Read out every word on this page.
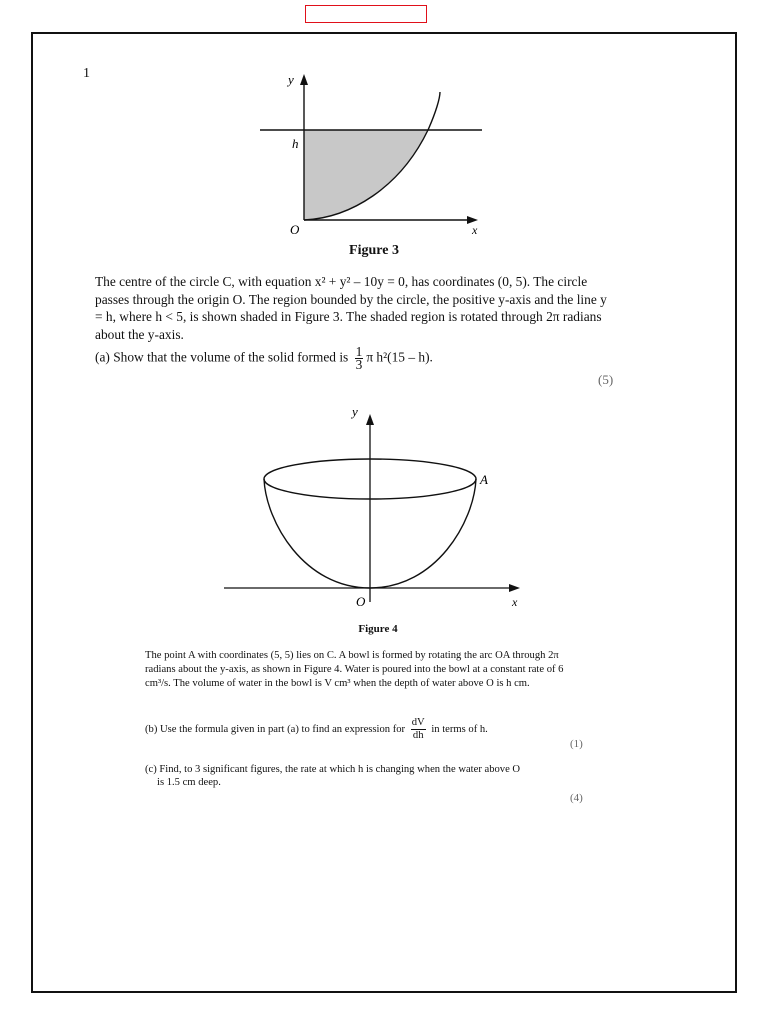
1	y
h
O	x
Figure 3

The centre of the circle C, with equation x² + y² – 10y = 0, has coordinates (0, 5). The circle passes through the origin O. The region bounded by the circle, the positive y-axis and the line y = h, where h < 5, is shown shaded in Figure 3. The shaded region is rotated through 2π radians about the y-axis.

(a) Show that the volume of the solid formed is $\frac{1}{3}$ π h²(15 – h).

(5)
y
A
O	x
Figure 4

The point A with coordinates (5, 5) lies on C. A bowl is formed by rotating the arc OA through 2π radians about the y-axis, as shown in Figure 4. Water is poured into the bowl at a constant rate of 6 cm³/s. The volume of water in the bowl is V cm³ when the depth of water above O is h cm.

(b) Use the formula given in part (a) to find an expression for $\frac{dV}{dh}$ in terms of h.

(1)

(c) Find, to 3 significant figures, the rate at which h is changing when the water above O
is 1.5 cm deep.

(4)
